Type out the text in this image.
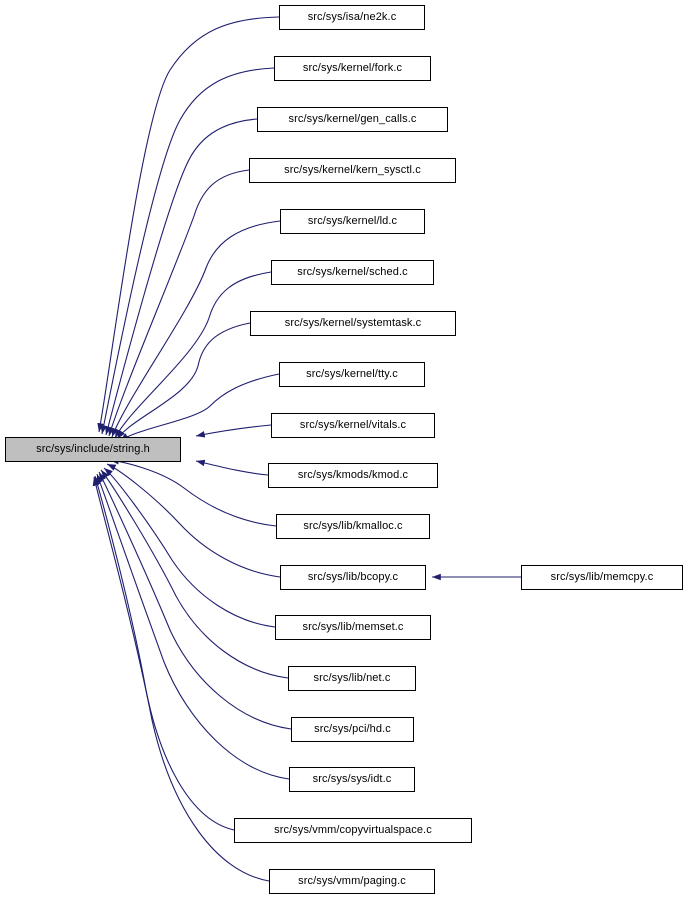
src/sys/include/string.h
src/sys/isa/ne2k.c
src/sys/kernel/fork.c
src/sys/kernel/gen_calls.c
src/sys/kernel/kern_sysctl.c
src/sys/kernel/ld.c
src/sys/kernel/sched.c
src/sys/kernel/systemtask.c
src/sys/kernel/tty.c
src/sys/kernel/vitals.c
src/sys/kmods/kmod.c
src/sys/lib/kmalloc.c
src/sys/lib/bcopy.c
src/sys/lib/memset.c
src/sys/lib/net.c
src/sys/pci/hd.c
src/sys/sys/idt.c
src/sys/vmm/copyvirtualspace.c
src/sys/vmm/paging.c
src/sys/lib/memcpy.c
